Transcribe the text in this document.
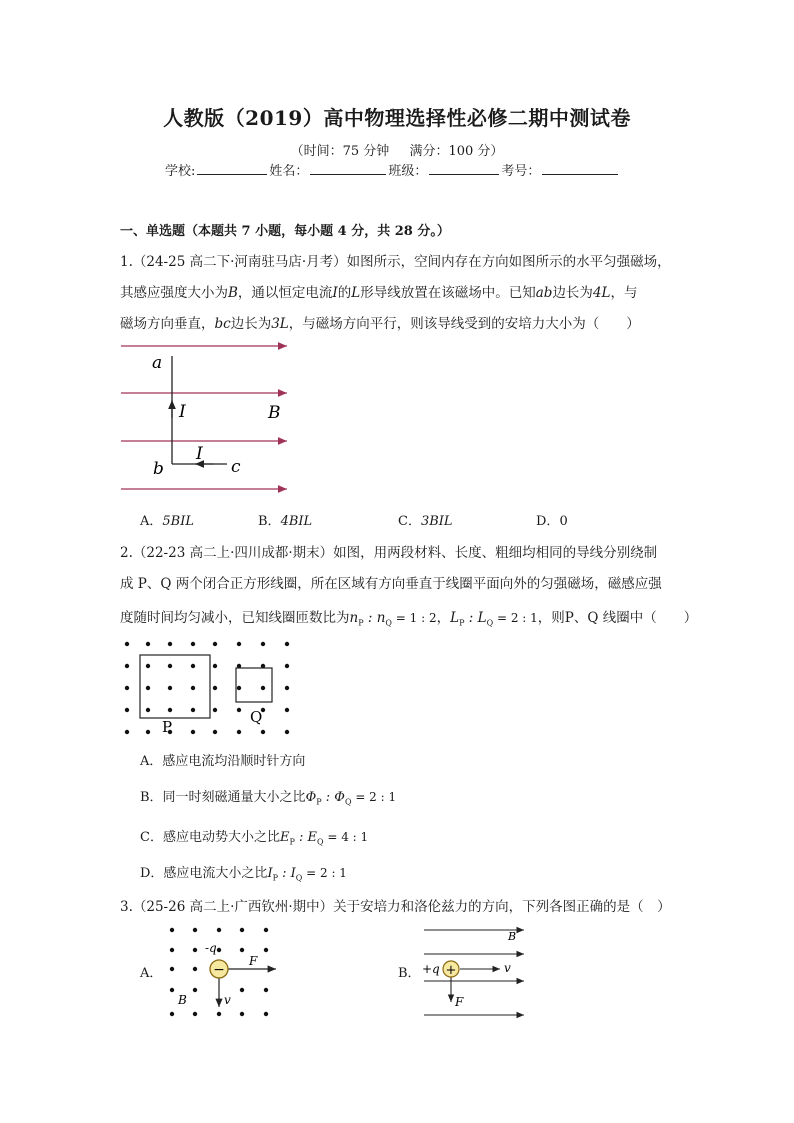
人教版（2019）高中物理选择性必修二期中测试卷
（时间：75 分钟 满分：100 分）
学校:	姓名：	班级：	考号：
一、单选题（本题共 7 小题，每小题 4 分，共 28 分。）
1.（24-25 高二下·河南驻马店·月考）如图所示，空间内存在方向如图所示的水平匀强磁场，
其感应强度大小为B，通以恒定电流I的L形导线放置在该磁场中。已知ab边长为4L，与
磁场方向垂直，bc边长为3L，与磁场方向平行，则该导线受到的安培力大小为（　　）
a
I	B
I
b	c
A．5BIL	B．4BIL	C．3BIL	D．0
2.（22-23 高二上·四川成都·期末）如图，用两段材料、长度、粗细均相同的导线分别绕制
成 P、Q 两个闭合正方形线圈，所在区域有方向垂直于线圈平面向外的匀强磁场，磁感应强
度随时间均匀减小，已知线圈匝数比为$n_P$ : $n_Q = 1$ : 2，$L_P$ : $L_Q = 2$ : 1，则P、Q 线圈中（　　）
P
Q
A．感应电流均沿顺时针方向
B．同一时刻磁通量大小之比$\Phi_P$ : $\Phi_Q = 2$ : 1
C．感应电动势大小之比$E_P$ : $E_Q = 4$ : 1
D．感应电流大小之比$I_P$ : $I_Q = 2$ : 1
3.（25-26 高二上·广西钦州·期中）关于安培力和洛伦兹力的方向，下列各图正确的是（　）
A．	−
-q
F
v
B
B． +
+q	v
F
B
